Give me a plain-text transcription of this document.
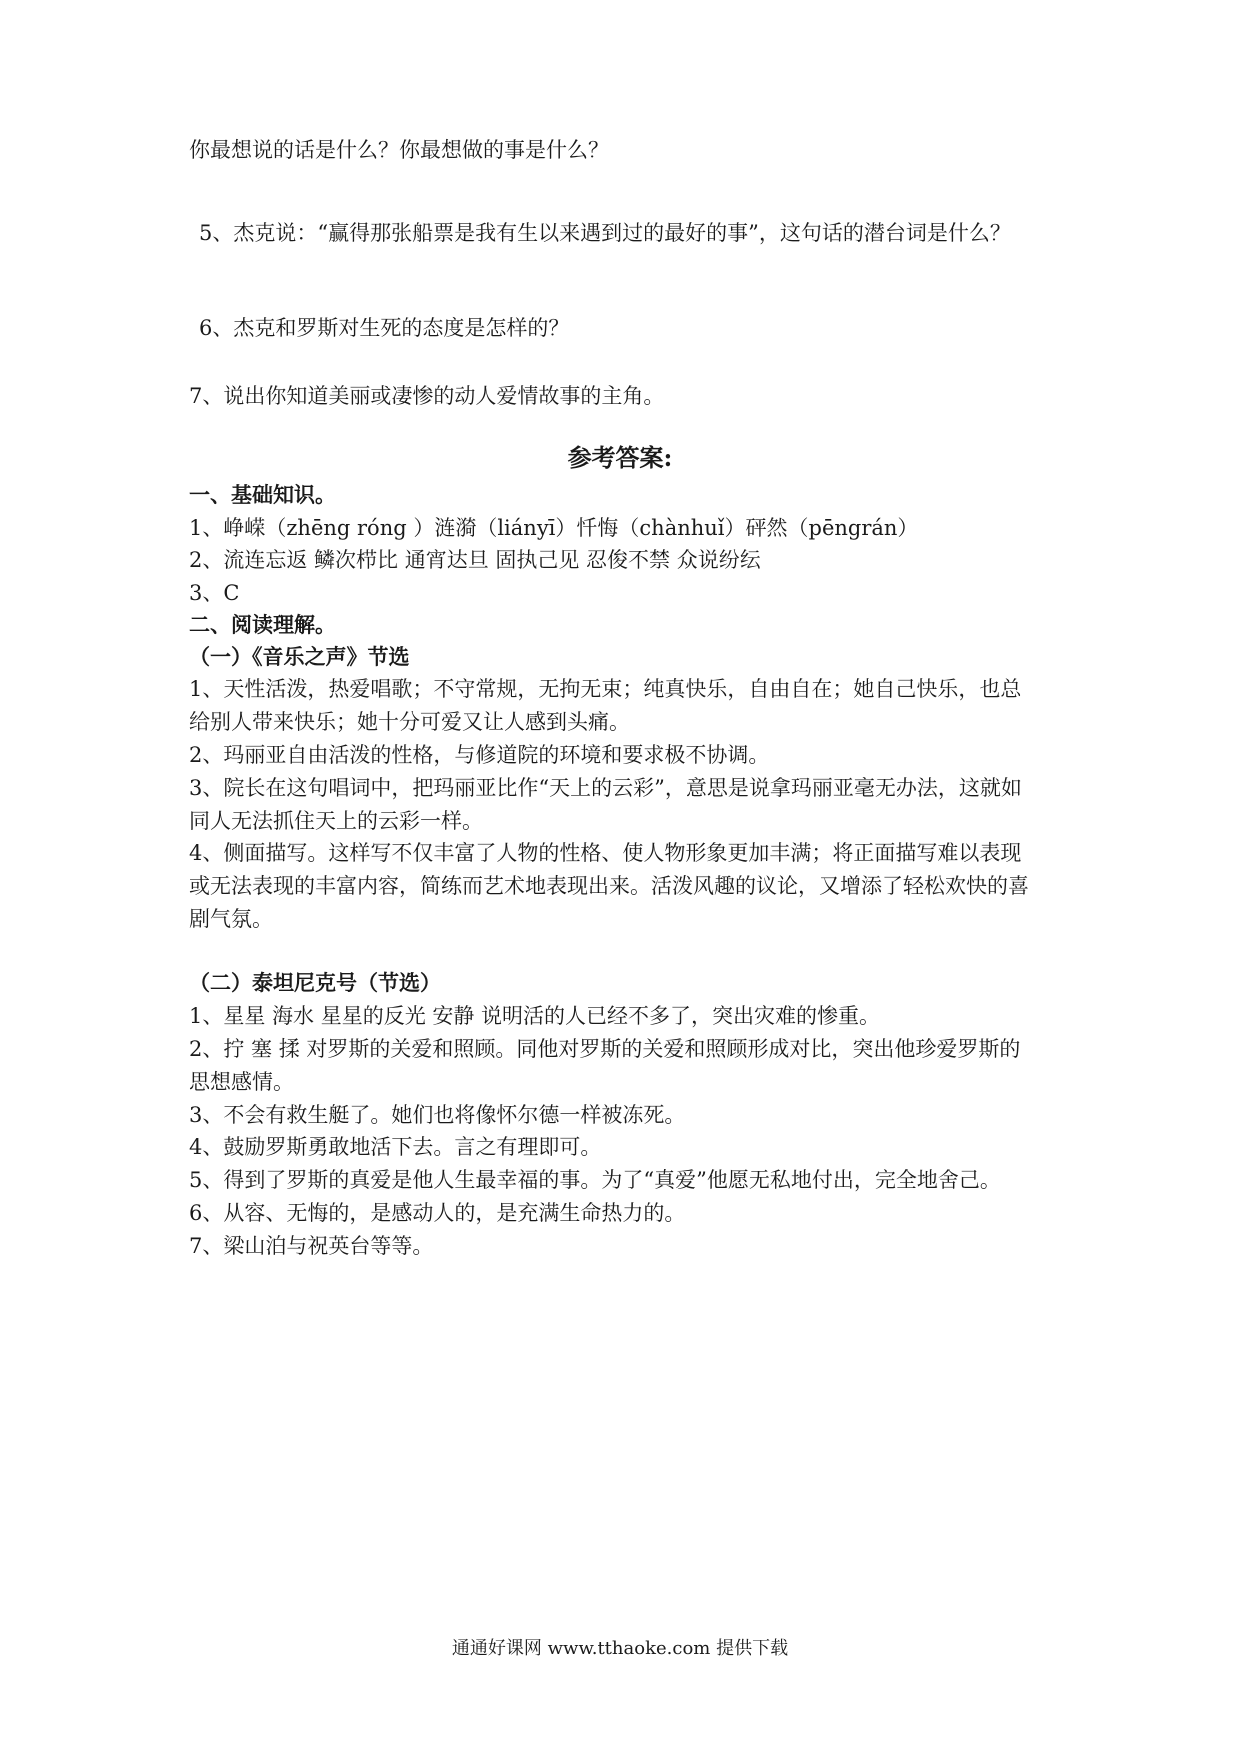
你最想说的话是什么？你最想做的事是什么？
5、杰克说：“赢得那张船票是我有生以来遇到过的最好的事”，这句话的潜台词是什么？
6、杰克和罗斯对生死的态度是怎样的？
7、说出你知道美丽或凄惨的动人爱情故事的主角。
参考答案:
一、基础知识。
1、峥嵘（zhēng róng ）涟漪（liányī）忏悔（chànhuǐ）砰然（pēngrán）
2、流连忘返 鳞次栉比 通宵达旦 固执己见 忍俊不禁 众说纷纭
3、C
二、阅读理解。
（一）《音乐之声》节选
1、天性活泼，热爱唱歌；不守常规，无拘无束；纯真快乐，自由自在；她自己快乐，也总
给别人带来快乐；她十分可爱又让人感到头痛。
2、玛丽亚自由活泼的性格，与修道院的环境和要求极不协调。
3、院长在这句唱词中，把玛丽亚比作“天上的云彩”，意思是说拿玛丽亚毫无办法，这就如
同人无法抓住天上的云彩一样。
4、侧面描写。这样写不仅丰富了人物的性格、使人物形象更加丰满；将正面描写难以表现
或无法表现的丰富内容，简练而艺术地表现出来。活泼风趣的议论，又增添了轻松欢快的喜
剧气氛。
（二）泰坦尼克号（节选）
1、星星 海水 星星的反光 安静 说明活的人已经不多了，突出灾难的惨重。
2、拧 塞 揉 对罗斯的关爱和照顾。同他对罗斯的关爱和照顾形成对比，突出他珍爱罗斯的
思想感情。
3、不会有救生艇了。她们也将像怀尔德一样被冻死。
4、鼓励罗斯勇敢地活下去。言之有理即可。
5、得到了罗斯的真爱是他人生最幸福的事。为了“真爱”他愿无私地付出，完全地舍己。
6、从容、无悔的，是感动人的，是充满生命热力的。
7、梁山泊与祝英台等等。
通通好课网 www.tthaoke.com 提供下载
